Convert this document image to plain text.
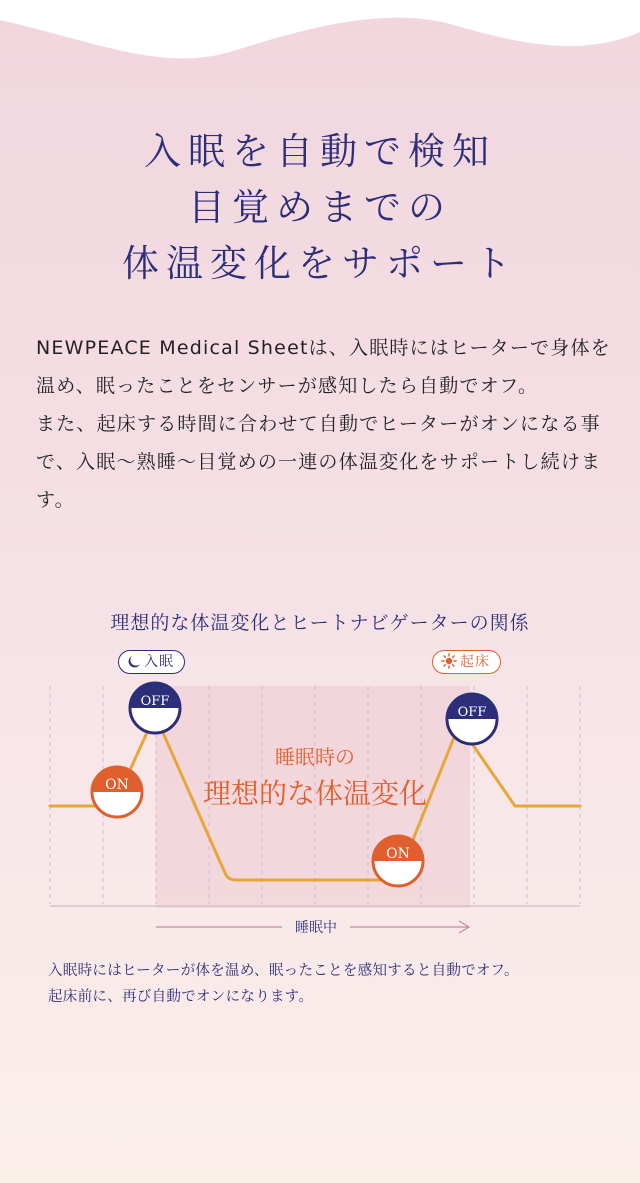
入眠を自動で検知
目覚めまでの
体温変化をサポート

NEWPEACE Medical Sheetは、入眠時にはヒーターで身体を温め、眠ったことをセンサーが感知したら自動でオフ。

また、起床する時間に合わせて自動でヒーターがオンになる事で、入眠〜熟睡〜目覚めの一連の体温変化をサポートし続けます。

理想的な体温変化とヒートナビゲーターの関係
入眠	起床
ON
OFF
ON
OFF
睡眠時の
理想的な体温変化
睡眠中

入眠時にはヒーターが体を温め、眠ったことを感知すると自動でオフ。

起床前に、再び自動でオンになります。
